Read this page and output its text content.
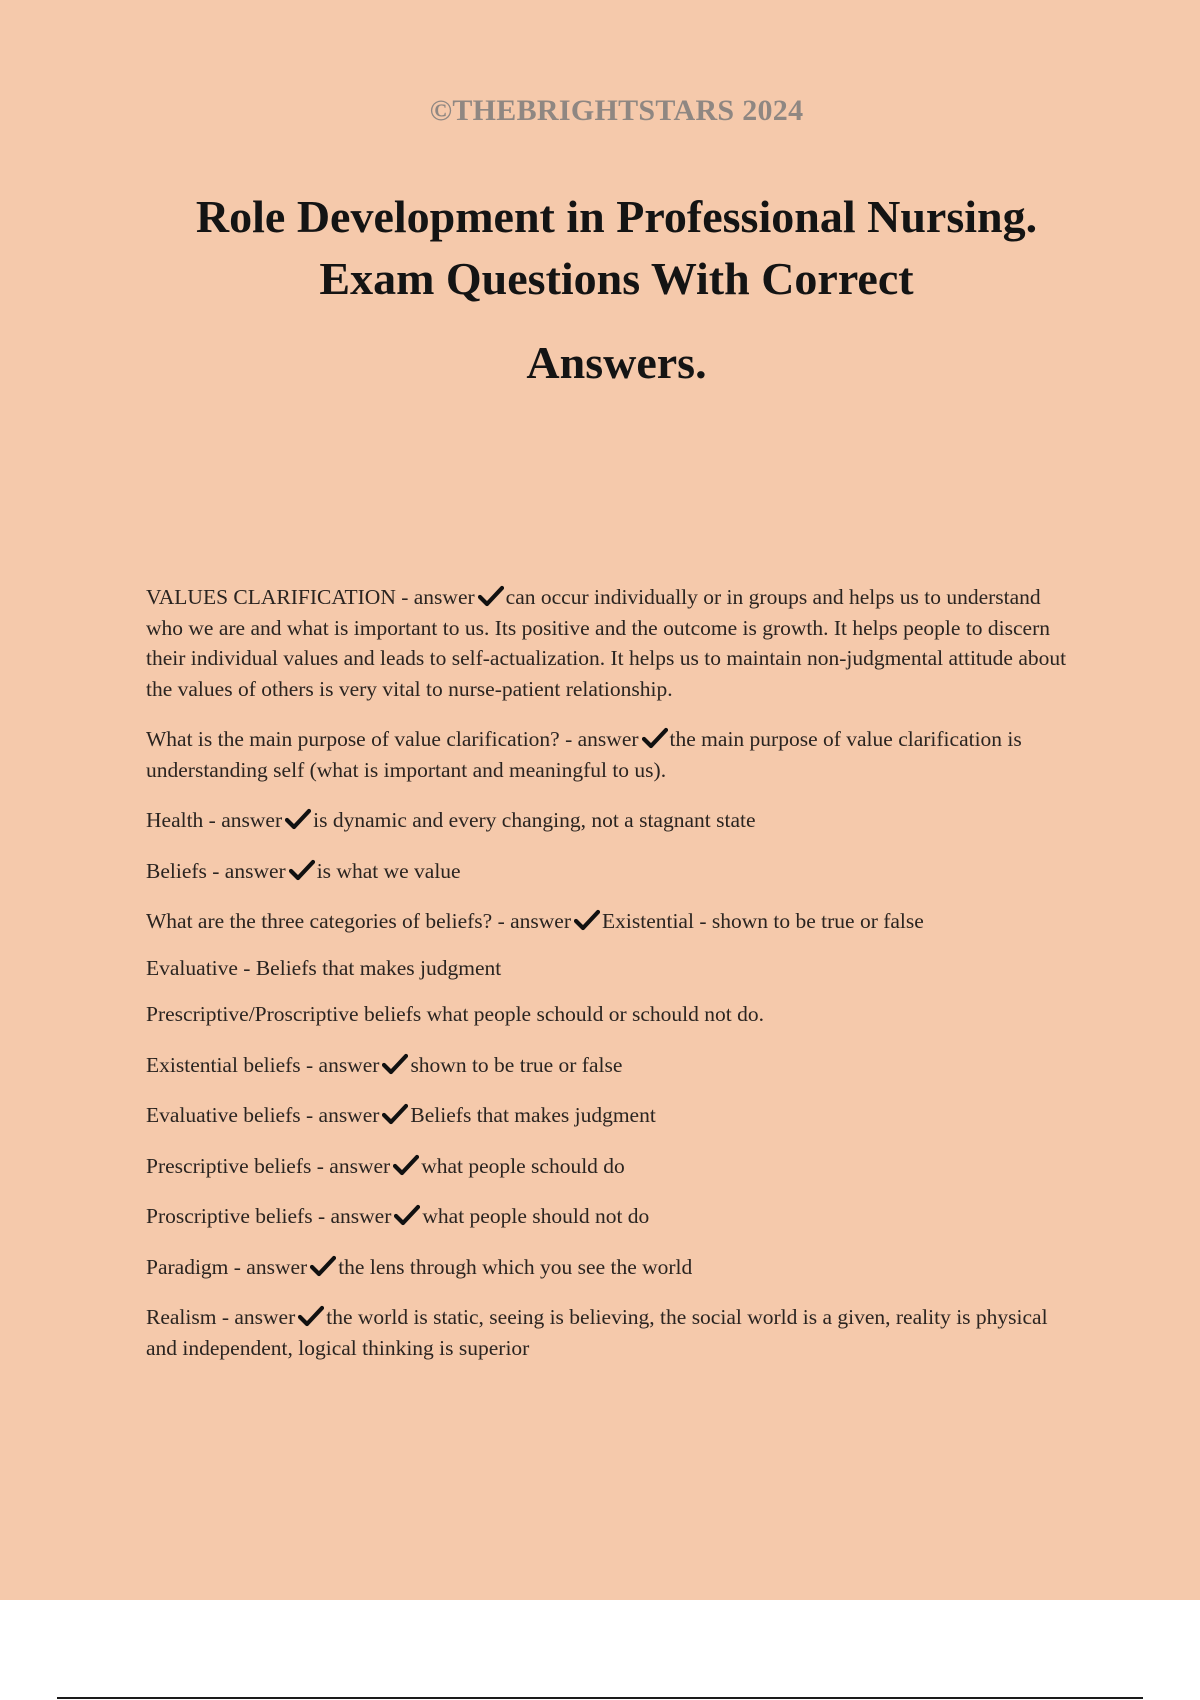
©THEBRIGHTSTARS 2024
Role Development in Professional Nursing.
Exam Questions With Correct
Answers.

VALUES CLARIFICATION - answer can occur individually or in groups and helps us to understand who we are and what is important to us. Its positive and the outcome is growth. It helps people to discern their individual values and leads to self-actualization. It helps us to maintain non-judgmental attitude about the values of others is very vital to nurse-patient relationship.

What is the main purpose of value clarification? - answer the main purpose of value clarification is understanding self (what is important and meaningful to us).

Health - answer is dynamic and every changing, not a stagnant state

Beliefs - answer is what we value

What are the three categories of beliefs? - answer Existential - shown to be true or false

Evaluative - Beliefs that makes judgment

Prescriptive/Proscriptive beliefs what people schould or schould not do.

Existential beliefs - answer shown to be true or false

Evaluative beliefs - answer Beliefs that makes judgment

Prescriptive beliefs - answer what people schould do

Proscriptive beliefs - answer what people should not do

Paradigm - answer the lens through which you see the world

Realism - answer the world is static, seeing is believing, the social world is a given, reality is physical and independent, logical thinking is superior
